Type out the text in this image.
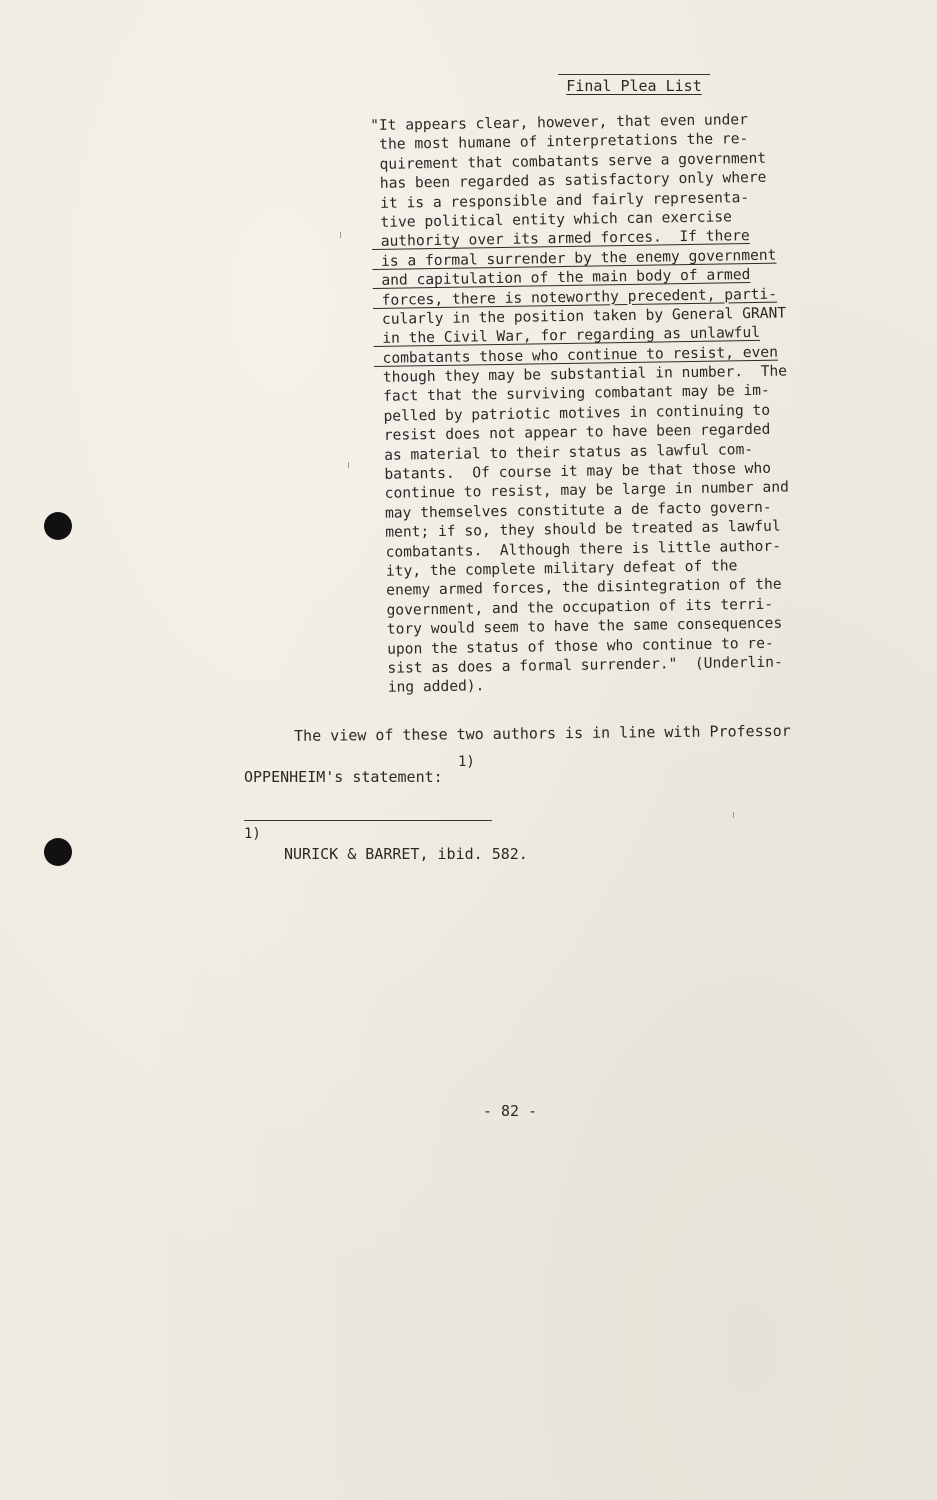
Final Plea List
"It appears clear, however, that even under
the most humane of interpretations the re-
quirement that combatants serve a government
has been regarded as satisfactory only where
it is a responsible and fairly representa-
tive political entity which can exercise
authority over its armed forces.  If there
is a formal surrender by the enemy government
and capitulation of the main body of armed
forces, there is noteworthy precedent, parti-
cularly in the position taken by General GRANT
in the Civil War, for regarding as unlawful
combatants those who continue to resist, even
though they may be substantial in number.  The
fact that the surviving combatant may be im-
pelled by patriotic motives in continuing to
resist does not appear to have been regarded
as material to their status as lawful com-
batants.  Of course it may be that those who
continue to resist, may be large in number and
may themselves constitute a de facto govern-
ment; if so, they should be treated as lawful
combatants.  Although there is little author-
ity, the complete military defeat of the
enemy armed forces, the disintegration of the
government, and the occupation of its terri-
tory would seem to have the same consequences
upon the status of those who continue to re-
sist as does a formal surrender."  (Underlin-
ing added).
The view of these two authors is in line with Professor
1)
OPPENHEIM's statement:
1)
NURICK & BARRET, ibid. 582.
- 82 -
